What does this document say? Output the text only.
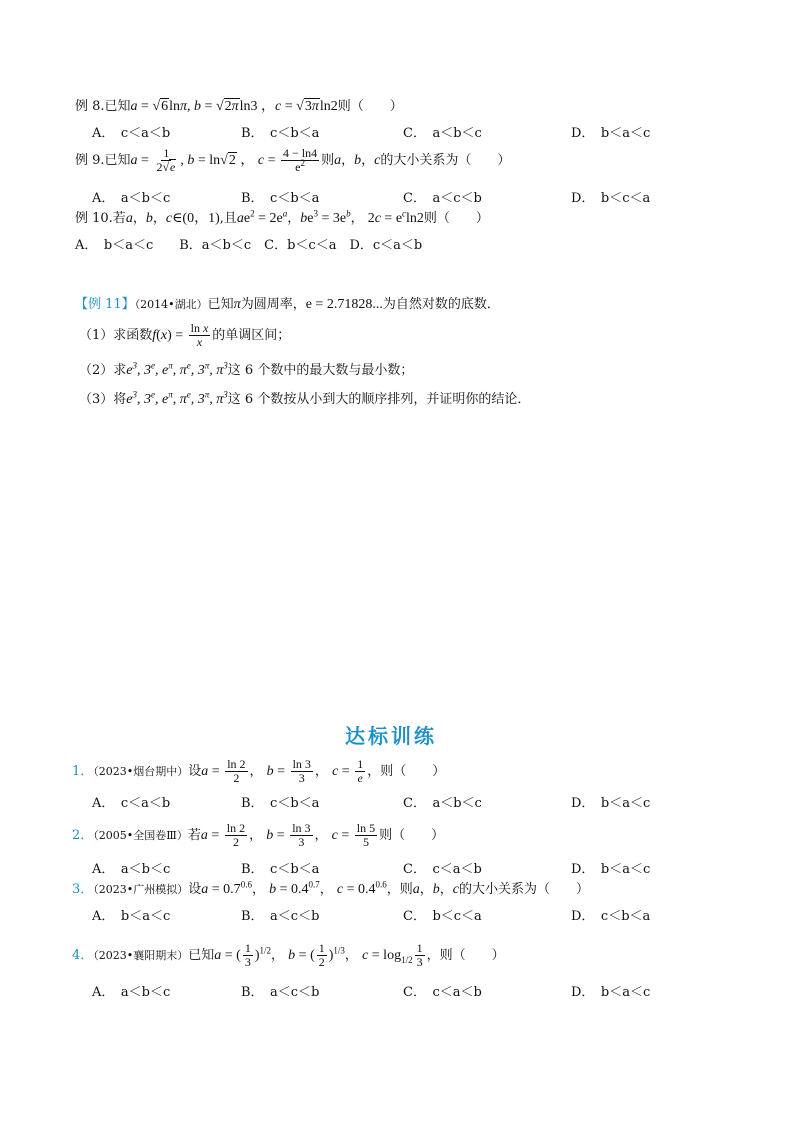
例 8.已知a = √6lnπ, b = √2πln3 ，c = √3πln2则（　　）
A．　c＜a＜b	B．　c＜b＜a	C．　a＜b＜c	D．　b＜a＜c
例 9.已知$a = \frac{1}{2√e}$ , b = ln√2 ， $c = \frac{4 - \ln 4}{e^2}$ 则a，b，c的大小关系为（　　）
A．　a＜b＜c	B．　c＜b＜a	C．　a＜c＜b	D．　b＜c＜a
例 10.若a，b，c∈(0，1),且$ae^2 = 2e^a$，$be^3 = 3e^b$， $2c = e^c\ln 2$则（　　）
A．　b＜a＜c　　B．a＜b＜c　C．b＜c＜a　D．c＜a＜b
【例 11】（2014•湖北）已知π为圆周率，e = 2.71828...为自然对数的底数．
（1）求函数$f(x) = \frac{\text{ln x}}{x}$ 的单调区间；
（2）求$e^3$, 3e, $e^\pi$, $\pi^e$, $3^\pi$, $\pi^3$这 6 个数中的最大数与最小数；
（3）将$e^3$, 3e, $e^\pi$, $\pi^e$, $3^\pi$, $\pi^3$这 6 个数按从小到大的顺序排列，并证明你的结论．
达标训练
1．（2023•烟台期中）设$a = \frac{\ln 2}{2}$ ， $b = \frac{\ln 3}{3}$ ， $c = \frac{1}{e}$ ，则（　　）
A．　c＜a＜b	B．　c＜b＜a	C．　a＜b＜c	D．　b＜a＜c
2．（2005•全国卷Ⅲ）若$a = \frac{\ln 2}{2}$ ， $b = \frac{\ln 3}{3}$ ， $c = \frac{\ln 5}{5}$ 则（　　）
A．　a＜b＜c	B．　c＜b＜a	C．　c＜a＜b	D．　b＜a＜c
3．（2023•广州模拟）设$a = 0.7^{0.6}$， $b = 0.4^{0.7}$， $c = 0.4^{0.6}$，则a，b，c的大小关系为（　　）
A．　b＜a＜c	B．　a＜c＜b	C．　b＜c＜a	D．　c＜b＜a
4．（2023•襄阳期末）已知a = ( $\frac{1}{3} )^{1/2}$， b = ( $\frac{1}{2} )^{1/3}$， $c = \log_{1/2} \frac{1}{3}$ ，则（　　）
A．　a＜b＜c	B．　a＜c＜b	C．　c＜a＜b	D．　b＜a＜c
